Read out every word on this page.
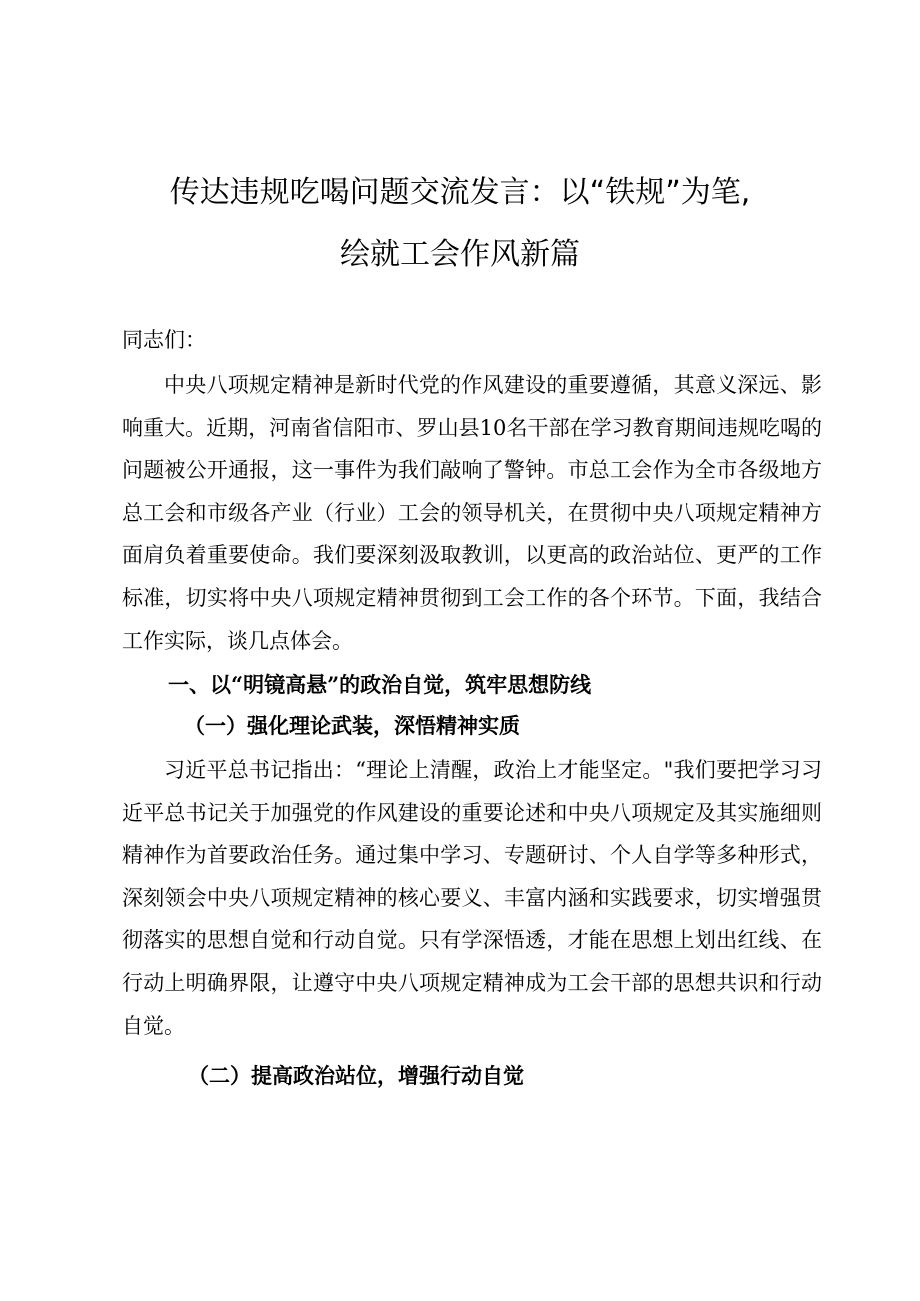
传达违规吃喝问题交流发言：以“铁规”为笔,
绘就工会作风新篇
同志们：

中央八项规定精神是新时代党的作风建设的重要遵循，其意义深远、影响重大。近期，河南省信阳市、罗山县10名干部在学习教育期间违规吃喝的问题被公开通报，这一事件为我们敲响了警钟。市总工会作为全市各级地方总工会和市级各产业（行业）工会的领导机关，在贯彻中央八项规定精神方面肩负着重要使命。我们要深刻汲取教训，以更高的政治站位、更严的工作标准，切实将中央八项规定精神贯彻到工会工作的各个环节。下面，我结合工作实际，谈几点体会。

一、以“明镜高悬”的政治自觉，筑牢思想防线
（一）强化理论武装，深悟精神实质

习近平总书记指出：“理论上清醒，政治上才能坚定。"我们要把学习习近平总书记关于加强党的作风建设的重要论述和中央八项规定及其实施细则精神作为首要政治任务。通过集中学习、专题研讨、个人自学等多种形式，深刻领会中央八项规定精神的核心要义、丰富内涵和实践要求，切实增强贯彻落实的思想自觉和行动自觉。只有学深悟透，才能在思想上划出红线、在行动上明确界限，让遵守中央八项规定精神成为工会干部的思想共识和行动自觉。

（二）提高政治站位，增强行动自觉
